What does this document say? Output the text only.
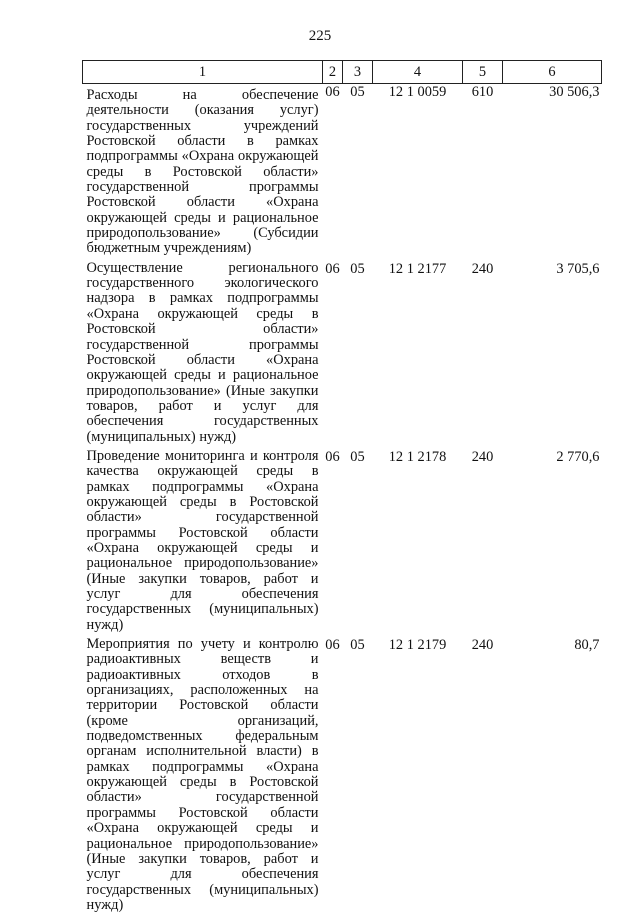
225
1	2	3	4	5	6
Расходы на обеспечение деятельности (оказания услуг) государственных учреждений Ростовской области в рамках подпрограммы «Охрана окружающей среды в Ростовской области» государственной программы Ростовской области «Охрана окружающей среды и рациональное природопользование» (Субсидии бюджетным учреждениям)	06	05	12 1 0059	610	30 506,3
Осуществление регионального государственного экологического надзора в рамках подпрограммы «Охрана окружающей среды в Ростовской области» государственной программы Ростовской области «Охрана окружающей среды и рациональное природопользование» (Иные закупки товаров, работ и услуг для обеспечения государственных (муниципальных) нужд)	06	05	12 1 2177	240	3 705,6
Проведение мониторинга и контроля качества окружающей среды в рамках подпрограммы «Охрана окружающей среды в Ростовской области» государственной программы Ростовской области «Охрана окружающей среды и рациональное природопользование» (Иные закупки товаров, работ и услуг для обеспечения государственных (муниципальных) нужд)	06	05	12 1 2178	240	2 770,6
Мероприятия по учету и контролю радиоактивных веществ и радиоактивных отходов в организациях, расположенных на территории Ростовской области (кроме организаций, подведомственных федеральным органам исполнительной власти) в рамках подпрограммы «Охрана окружающей среды в Ростовской области» государственной программы Ростовской области «Охрана окружающей среды и рациональное природопользование» (Иные закупки товаров, работ и услуг для обеспечения государственных (муниципальных) нужд)	06	05	12 1 2179	240	80,7
